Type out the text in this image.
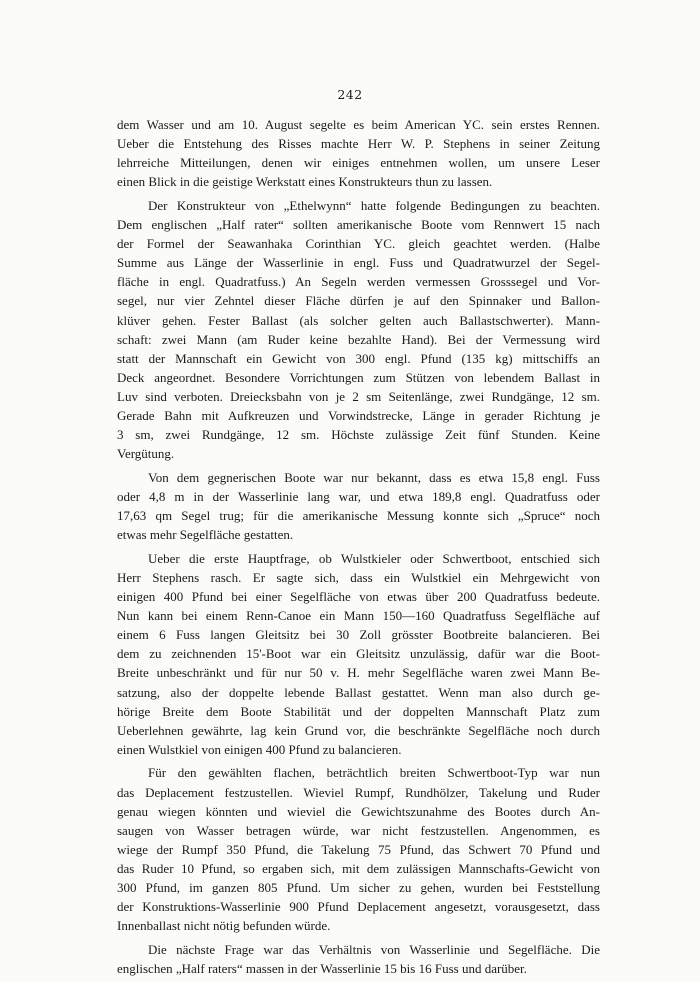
242
dem Wasser und am 10. August segelte es beim American YC. sein erstes Rennen.
Ueber die Entstehung des Risses machte Herr W. P. Stephens in seiner Zeitung
lehrreiche Mitteilungen, denen wir einiges entnehmen wollen, um unsere Leser
einen Blick in die geistige Werkstatt eines Konstrukteurs thun zu lassen.
Der Konstrukteur von „Ethelwynn“ hatte folgende Bedingungen zu beachten.
Dem englischen „Half rater“ sollten amerikanische Boote vom Rennwert 15 nach
der Formel der Seawanhaka Corinthian YC. gleich geachtet werden. (Halbe
Summe aus Länge der Wasserlinie in engl. Fuss und Quadratwurzel der Segel-
fläche in engl. Quadratfuss.) An Segeln werden vermessen Grosssegel und Vor-
segel, nur vier Zehntel dieser Fläche dürfen je auf den Spinnaker und Ballon-
klüver gehen. Fester Ballast (als solcher gelten auch Ballastschwerter). Mann-
schaft: zwei Mann (am Ruder keine bezahlte Hand). Bei der Vermessung wird
statt der Mannschaft ein Gewicht von 300 engl. Pfund (135 kg) mittschiffs an
Deck angeordnet. Besondere Vorrichtungen zum Stützen von lebendem Ballast in
Luv sind verboten. Dreiecksbahn von je 2 sm Seitenlänge, zwei Rundgänge, 12 sm.
Gerade Bahn mit Aufkreuzen und Vorwindstrecke, Länge in gerader Richtung je
3 sm, zwei Rundgänge, 12 sm. Höchste zulässige Zeit fünf Stunden. Keine
Vergütung.
Von dem gegnerischen Boote war nur bekannt, dass es etwa 15,8 engl. Fuss
oder 4,8 m in der Wasserlinie lang war, und etwa 189,8 engl. Quadratfuss oder
17,63 qm Segel trug; für die amerikanische Messung konnte sich „Spruce“ noch
etwas mehr Segelfläche gestatten.
Ueber die erste Hauptfrage, ob Wulstkieler oder Schwertboot, entschied sich
Herr Stephens rasch. Er sagte sich, dass ein Wulstkiel ein Mehrgewicht von
einigen 400 Pfund bei einer Segelfläche von etwas über 200 Quadratfuss bedeute.
Nun kann bei einem Renn-Canoe ein Mann 150—160 Quadratfuss Segelfläche auf
einem 6 Fuss langen Gleitsitz bei 30 Zoll grösster Bootbreite balancieren. Bei
dem zu zeichnenden 15'-Boot war ein Gleitsitz unzulässig, dafür war die Boot-
Breite unbeschränkt und für nur 50 v. H. mehr Segelfläche waren zwei Mann Be-
satzung, also der doppelte lebende Ballast gestattet. Wenn man also durch ge-
hörige Breite dem Boote Stabilität und der doppelten Mannschaft Platz zum
Ueberlehnen gewährte, lag kein Grund vor, die beschränkte Segelfläche noch durch
einen Wulstkiel von einigen 400 Pfund zu balancieren.
Für den gewählten flachen, beträchtlich breiten Schwertboot-Typ war nun
das Deplacement festzustellen. Wieviel Rumpf, Rundhölzer, Takelung und Ruder
genau wiegen könnten und wieviel die Gewichtszunahme des Bootes durch An-
saugen von Wasser betragen würde, war nicht festzustellen. Angenommen, es
wiege der Rumpf 350 Pfund, die Takelung 75 Pfund, das Schwert 70 Pfund und
das Ruder 10 Pfund, so ergaben sich, mit dem zulässigen Mannschafts-Gewicht von
300 Pfund, im ganzen 805 Pfund. Um sicher zu gehen, wurden bei Feststellung
der Konstruktions-Wasserlinie 900 Pfund Deplacement angesetzt, vorausgesetzt, dass
Innenballast nicht nötig befunden würde.
Die nächste Frage war das Verhältnis von Wasserlinie und Segelfläche. Die
englischen „Half raters“ massen in der Wasserlinie 15 bis 16 Fuss und darüber.
